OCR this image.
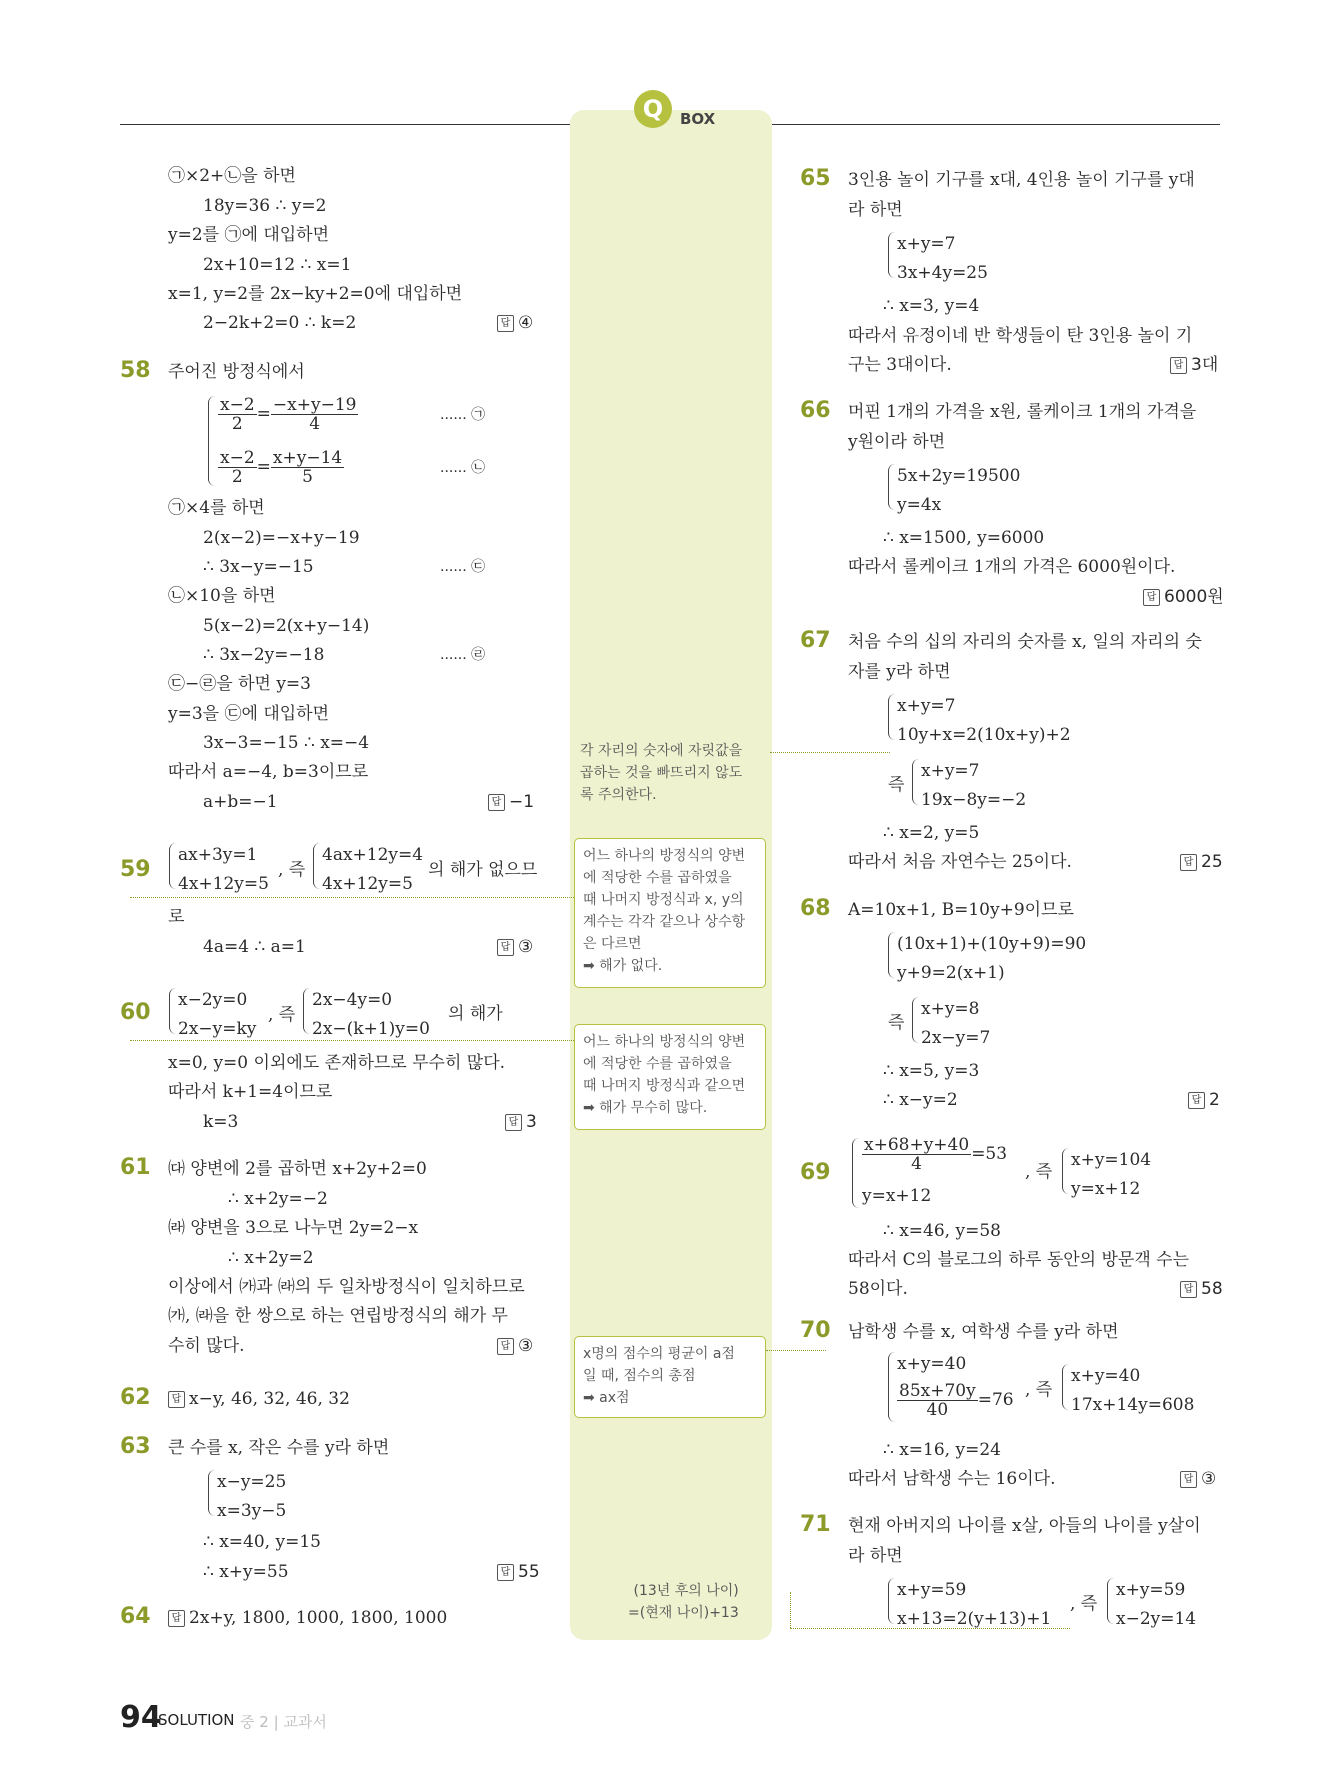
Q	BOX
㉠×2+㉡을 하면
18y=36 ∴ y=2
y=2를 ㉠에 대입하면
2x+10=12 ∴ x=1
x=1, y=2를 2x−ky+2=0에 대입하면
2−2k+2=0 ∴ k=2	답 ④
58 주어진 방정식에서
$\frac{x-2}{2} = \frac{-x+y-19}{4}$	...... ㉠
$\frac{x-2}{2} = \frac{x+y-14}{5}$	...... ㉡
㉠×4를 하면
2(x−2)=−x+y−19
∴ 3x−y=−15	...... ㉢
㉡×10을 하면
5(x−2)=2(x+y−14)
∴ 3x−2y=−18	...... ㉣
㉢−㉣을 하면 y=3
y=3을 ㉢에 대입하면
3x−3=−15 ∴ x=−4
따라서 a=−4, b=3이므로
a+b=−1	답 −1
59
ax+3y=1
4x+12y=5
, 즉
4ax+12y=4
4x+12y=5
의 해가 없으므
로
4a=4 ∴ a=1	답 ③
60 x−2y=0
2x−y=ky
, 즉
2x−4y=0
2x−(k+1)y=0
의 해가
x=0, y=0 이외에도 존재하므로 무수히 많다.
따라서 k+1=4이므로
k=3	답 3
61 ㈐ 양변에 2를 곱하면 x+2y+2=0
∴ x+2y=−2
㈑ 양변을 3으로 나누면 2y=2−x
∴ x+2y=2
이상에서 ㈎과 ㈑의 두 일차방정식이 일치하므로
㈎, ㈑을 한 쌍으로 하는 연립방정식의 해가 무
수히 많다.	답 ③
62	답 x−y, 46, 32, 46, 32
63 큰 수를 x, 작은 수를 y라 하면
x−y=25
x=3y−5
∴ x=40, y=15
∴ x+y=55	답 55
64	답 2x+y, 1800, 1000, 1800, 1000
각 자리의 숫자에 자릿값을
곱하는 것을 빠뜨리지 않도
록 주의한다.
어느 하나의 방정식의 양변
에 적당한 수를 곱하였을
때 나머지 방정식과 x, y의
계수는 각각 같으나 상수항
은 다르면
➡ 해가 없다.
어느 하나의 방정식의 양변
에 적당한 수를 곱하였을
때 나머지 방정식과 같으면
➡ 해가 무수히 많다.
x명의 점수의 평균이 a점
일 때, 점수의 총점
➡ ax점
(13년 후의 나이)
=(현재 나이)+13
65 3인용 놀이 기구를 x대, 4인용 놀이 기구를 y대
라 하면
x+y=7
3x+4y=25
∴ x=3, y=4
따라서 유정이네 반 학생들이 탄 3인용 놀이 기
구는 3대이다.	답 3대
66 머핀 1개의 가격을 x원, 롤케이크 1개의 가격을
y원이라 하면
5x+2y=19500
y=4x
∴ x=1500, y=6000
따라서 롤케이크 1개의 가격은 6000원이다.
답 6000원
67 처음 수의 십의 자리의 숫자를 x, 일의 자리의 숫
자를 y라 하면
x+y=7
10y+x=2(10x+y)+2
즉
x+y=7
19x−8y=−2
∴ x=2, y=5
따라서 처음 자연수는 25이다.	답 25
68 A=10x+1, B=10y+9이므로
(10x+1)+(10y+9)=90
y+9=2(x+1)
즉
x+y=8
2x−y=7
∴ x=5, y=3
∴ x−y=2	답 2
$69 \frac{x+68+y+40}{4} =53$
y=x+12
, 즉
x+y=104
y=x+12
∴ x=46, y=58
따라서 C의 블로그의 하루 동안의 방문객 수는
58이다.	답 58
70 남학생 수를 x, 여학생 수를 y라 하면
x+y=40
$\frac{85x+70y}{40} =76$ , 즉
x+y=40
17x+14y=608
∴ x=16, y=24
따라서 남학생 수는 16이다.	답 ③
71 현재 아버지의 나이를 x살, 아들의 나이를 y살이
라 하면
x+y=59
x+13=2(y+13)+1
, 즉
x+y=59
x−2y=14
94
SOLUTION 중 2 | 교과서
